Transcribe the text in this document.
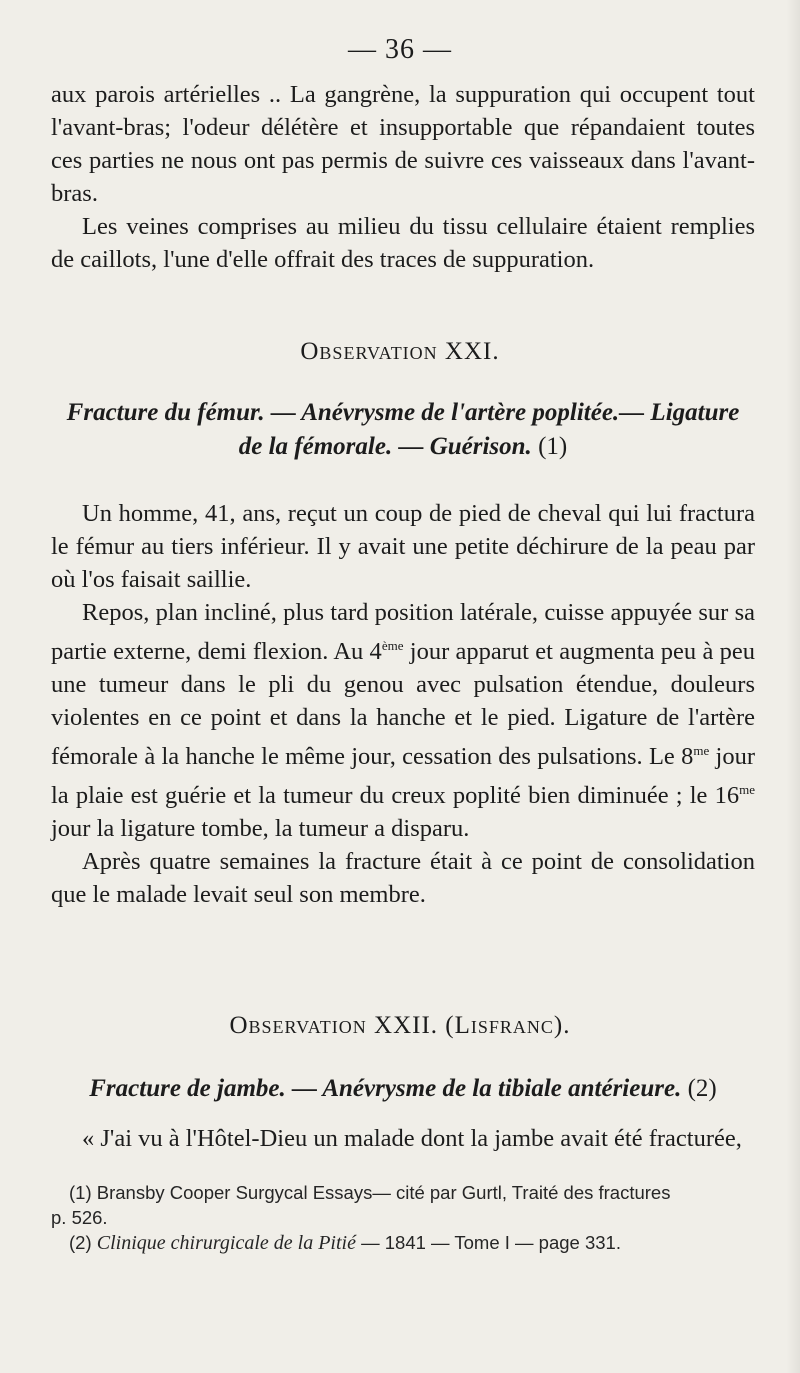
— 36 —

aux parois artérielles .. La gangrène, la suppuration qui occupent tout l'avant-bras; l'odeur délétère et insupportable que répandaient toutes ces parties ne nous ont pas permis de suivre ces vaisseaux dans l'avant-bras.

Les veines comprises au milieu du tissu cellulaire étaient remplies de caillots, l'une d'elle offrait des traces de suppuration.

Observation XXI.
Fracture du fémur. — Anévrysme de l'artère poplitée.— Ligature
de la fémorale. — Guérison. (1)

Un homme, 41, ans, reçut un coup de pied de cheval qui lui fractura le fémur au tiers inférieur. Il y avait une petite déchirure de la peau par où l'os faisait saillie.

Repos, plan incliné, plus tard position latérale, cuisse appuyée sur sa partie externe, demi flexion. Au 4ème jour apparut et augmenta peu à peu une tumeur dans le pli du genou avec pulsation étendue, douleurs violentes en ce point et dans la hanche et le pied. Ligature de l'artère fémorale à la hanche le même jour, cessation des pulsations. Le $8^{me}$ jour la plaie est guérie et la tumeur du creux poplité bien diminuée ; le $16^{me}$ jour la ligature tombe, la tumeur a disparu.

Après quatre semaines la fracture était à ce point de consolidation que le malade levait seul son membre.

Observation XXII. (Lisfranc).
Fracture de jambe. — Anévrysme de la tibiale antérieure. (2)

« J'ai vu à l'Hôtel-Dieu un malade dont la jambe avait été fracturée,

(1) Bransby Cooper Surgycal Essays— cité par Gurtl, Traité des fractures
p. 526.
(2) Clinique chirurgicale de la Pitié — 1841 — Tome I — page 331.
